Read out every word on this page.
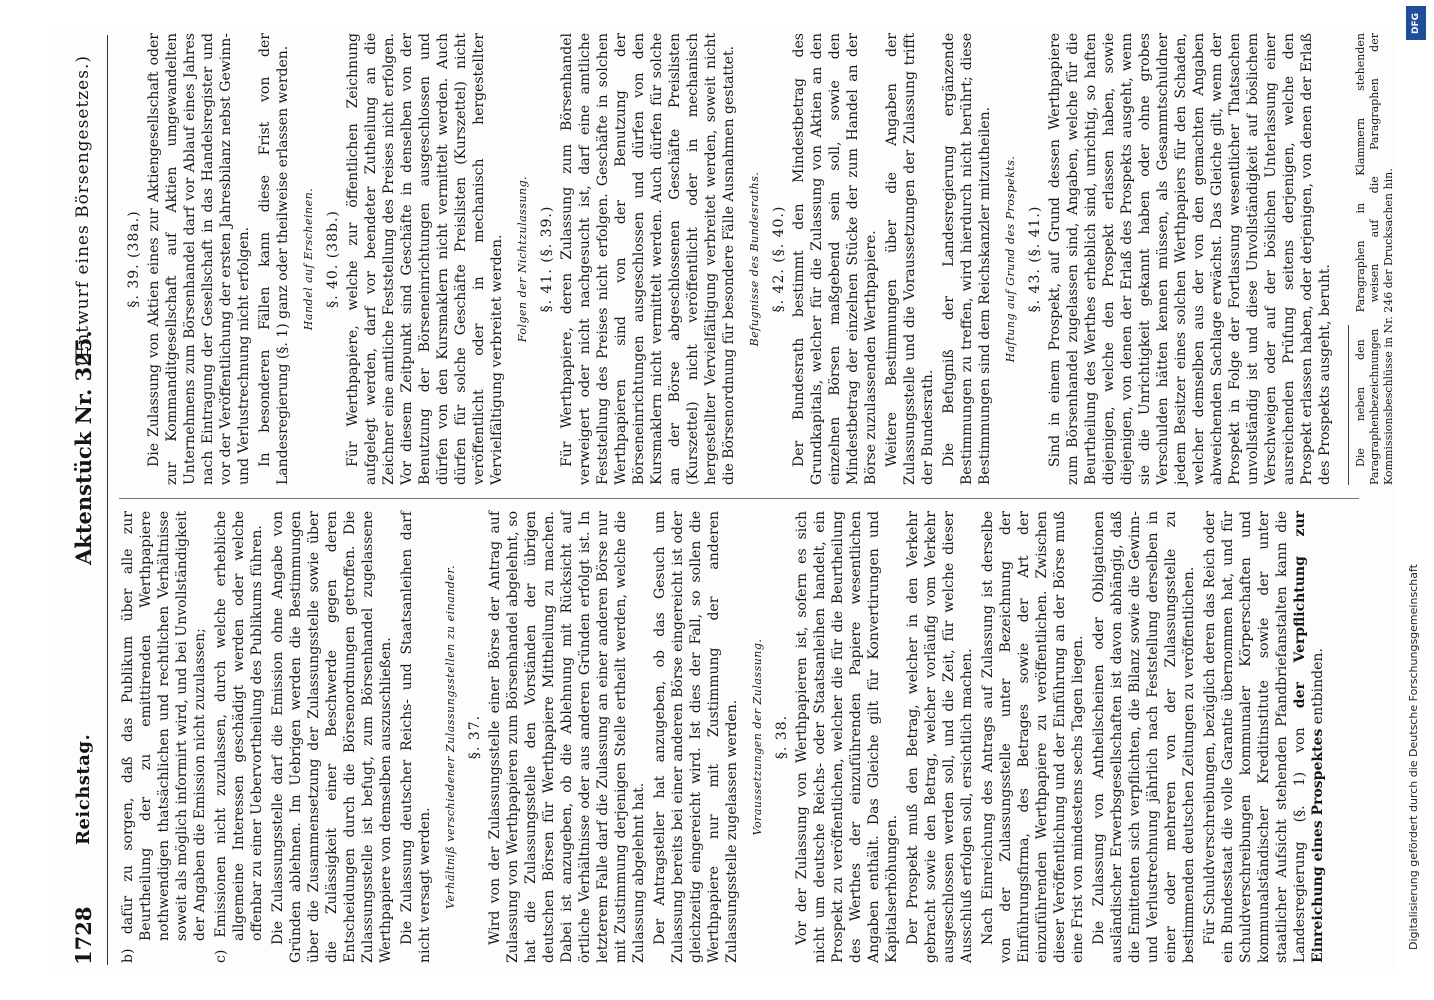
1728
Reichstag.
Aktenstück Nr. 325.
(Entwurf eines Börsengesetzes.)

b) dafür zu sorgen, daß das Publikum über alle zur Beurtheilung der zu emittirenden Werthpapiere nothwendigen thatsächlichen und rechtlichen Verhältnisse soweit als möglich informirt wird, und bei Unvollständigkeit der Angaben die Emission nicht zuzulassen; c) Emissionen nicht zuzulassen, durch welche erhebliche allgemeine Interessen geschädigt werden oder welche offenbar zu einer Uebervortheilung des Publikums führen. Die Zulassungsstelle darf die Emission ohne Angabe von Gründen ablehnen. Im Uebrigen werden die Bestimmungen über die Zusammensetzung der Zulassungsstelle sowie über die Zulässigkeit einer Beschwerde gegen deren Entscheidungen durch die Börsenordnungen getroffen. Die Zulassungsstelle ist befugt, zum Börsenhandel zugelassene Werthpapiere von demselben auszuschließen. Die Zulassung deutscher Reichs- und Staatsanleihen darf nicht versagt werden. Verhältniß verschiedener Zulassungsstellen zu einander. §. 37. Wird von der Zulassungsstelle einer Börse der Antrag auf Zulassung von Werthpapieren zum Börsenhandel abgelehnt, so hat die Zulassungsstelle den Vorständen der übrigen deutschen Börsen für Werthpapiere Mittheilung zu machen. Dabei ist anzugeben, ob die Ablehnung mit Rücksicht auf örtliche Verhältnisse oder aus anderen Gründen erfolgt ist. In letzterem Falle darf die Zulassung an einer anderen Börse nur mit Zustimmung derjenigen Stelle ertheilt werden, welche die Zulassung abgelehnt hat. Der Antragsteller hat anzugeben, ob das Gesuch um Zulassung bereits bei einer anderen Börse eingereicht ist oder gleichzeitig eingereicht wird. Ist dies der Fall, so sollen die Werthpapiere nur mit Zustimmung der anderen Zulassungsstelle zugelassen werden. Voraussetzungen der Zulassung. §. 38. Vor der Zulassung von Werthpapieren ist, sofern es sich nicht um deutsche Reichs- oder Staatsanleihen handelt, ein Prospekt zu veröffentlichen, welcher die für die Beurtheilung des Werthes der einzuführenden Papiere wesentlichen Angaben enthält. Das Gleiche gilt für Konvertirungen und Kapitalserhöhungen. Der Prospekt muß den Betrag, welcher in den Verkehr gebracht sowie den Betrag, welcher vorläufig vom Verkehr ausgeschlossen werden soll, und die Zeit, für welche dieser Ausschluß erfolgen soll, ersichtlich machen. Nach Einreichung des Antrags auf Zulassung ist derselbe von der Zulassungsstelle unter Bezeichnung der Einführungsfirma, des Betrages sowie der Art der einzuführenden Werthpapiere zu veröffentlichen. Zwischen dieser Veröffentlichung und der Einführung an der Börse muß eine Frist von mindestens sechs Tagen liegen. Die Zulassung von Antheilscheinen oder Obligationen ausländischer Erwerbsgesellschaften ist davon abhängig, daß die Emittenten sich verpflichten, die Bilanz sowie die Gewinn- und Verlustrechnung jährlich nach Feststellung derselben in einer oder mehreren von der Zulassungsstelle zu bestimmenden deutschen Zeitungen zu veröffentlichen. Für Schuldverschreibungen, bezüglich deren das Reich oder ein Bundesstaat die volle Garantie übernommen hat, und für Schuldverschreibungen kommunaler Körperschaften und kommunalständischer Kreditinstitute sowie der unter staatlicher Aufsicht stehenden Pfandbriefanstalten kann die Landesregierung (§. 1) von der Verpflichtung zur Einreichung eines Prospektes entbinden.

§. 39. (38a.) Die Zulassung von Aktien eines zur Aktiengesellschaft oder zur Kommanditgesellschaft auf Aktien umgewandelten Unternehmens zum Börsenhandel darf vor Ablauf eines Jahres nach Eintragung der Gesellschaft in das Handelsregister und vor der Veröffentlichung der ersten Jahresbilanz nebst Gewinn- und Verlustrechnung nicht erfolgen. In besonderen Fällen kann diese Frist von der Landesregierung (§. 1) ganz oder theilweise erlassen werden. Handel auf Erscheinen. §. 40. (38b.) Für Werthpapiere, welche zur öffentlichen Zeichnung aufgelegt werden, darf vor beendeter Zutheilung an die Zeichner eine amtliche Feststellung des Preises nicht erfolgen. Vor diesem Zeitpunkt sind Geschäfte in denselben von der Benutzung der Börseneinrichtungen ausgeschlossen und dürfen von den Kursmaklern nicht vermittelt werden. Auch dürfen für solche Geschäfte Preislisten (Kurszettel) nicht veröffentlicht oder in mechanisch hergestellter Vervielfältigung verbreitet werden. Folgen der Nichtzulassung. §. 41. (§. 39.) Für Werthpapiere, deren Zulassung zum Börsenhandel verweigert oder nicht nachgesucht ist, darf eine amtliche Feststellung des Preises nicht erfolgen. Geschäfte in solchen Werthpapieren sind von der Benutzung der Börseneinrichtungen ausgeschlossen und dürfen von den Kursmaklern nicht vermittelt werden. Auch dürfen für solche an der Börse abgeschlossenen Geschäfte Preislisten (Kurszettel) nicht veröffentlicht oder in mechanisch hergestellter Vervielfältigung verbreitet werden, soweit nicht die Börsenordnung für besondere Fälle Ausnahmen gestattet. Befugnisse des Bundesraths. §. 42. (§. 40.) Der Bundesrath bestimmt den Mindestbetrag des Grundkapitals, welcher für die Zulassung von Aktien an den einzelnen Börsen maßgebend sein soll, sowie den Mindestbetrag der einzelnen Stücke der zum Handel an der Börse zuzulassenden Werthpapiere. Weitere Bestimmungen über die Angaben der Zulassungsstelle und die Voraussetzungen der Zulassung trifft der Bundesrath. Die Befugniß der Landesregierung ergänzende Bestimmungen zu treffen, wird hierdurch nicht berührt; diese Bestimmungen sind dem Reichskanzler mitzutheilen. Haftung auf Grund des Prospekts. §. 43. (§. 41.) Sind in einem Prospekt, auf Grund dessen Werthpapiere zum Börsenhandel zugelassen sind, Angaben, welche für die Beurtheilung des Werthes erheblich sind, unrichtig, so haften diejenigen, welche den Prospekt erlassen haben, sowie diejenigen, von denen der Erlaß des Prospekts ausgeht, wenn sie die Unrichtigkeit gekannt haben oder ohne grobes Verschulden hätten kennen müssen, als Gesammtschuldner jedem Besitzer eines solchen Werthpapiers für den Schaden, welcher demselben aus der von den gemachten Angaben abweichenden Sachlage erwächst. Das Gleiche gilt, wenn der Prospekt in Folge der Fortlassung wesentlicher Thatsachen unvollständig ist und diese Unvollständigkeit auf böslichem Verschweigen oder auf der böslichen Unterlassung einer ausreichenden Prüfung seitens derjenigen, welche den Prospekt erlassen haben, oder derjenigen, von denen der Erlaß des Prospekts ausgeht, beruht. Die neben den Paragraphen in Klammern stehenden Paragraphenbezeichnungen weisen auf die Paragraphen der Kommissionsbeschlüsse in Nr. 246 der Drucksachen hin.

DFG
Digitalisierung gefördert durch die Deutsche Forschungsgemeinschaft
